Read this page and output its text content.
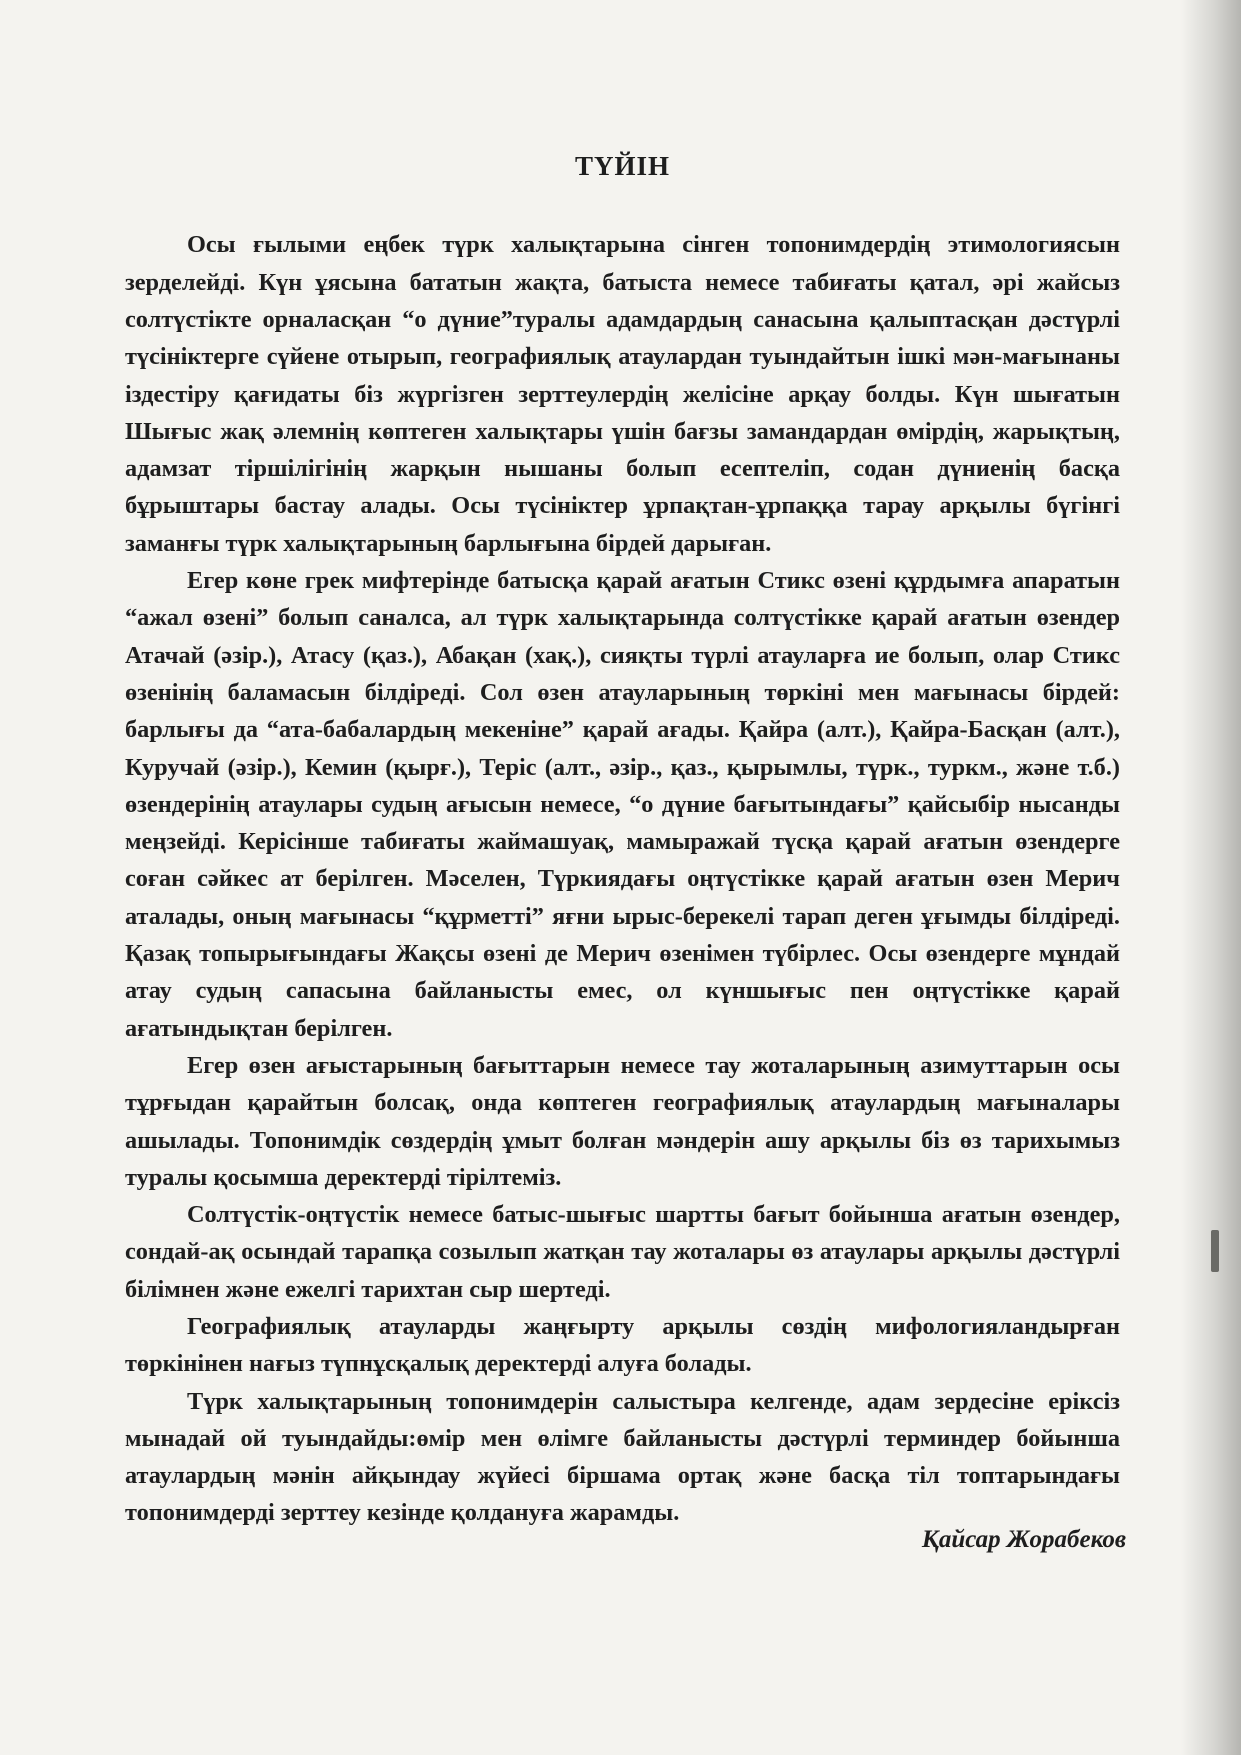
ТҮЙІН

Осы ғылыми еңбек түрк халықтарына сінген топонимдердің этимологиясын зерделейді. Күн ұясына бататын жақта, батыста немесе табиғаты қатал, әрі жайсыз солтүстікте орналасқан “о дүние”туралы адамдардың санасына қалыптасқан дәстүрлі түсініктерге сүйене отырып, географиялық атаулардан туындайтын ішкі мән-мағынаны іздестіру қағидаты біз жүргізген зерттеулердің желісіне арқау болды. Күн шығатын Шығыс жақ әлемнің көптеген халықтары үшін бағзы замандардан өмірдің, жарықтың, адамзат тіршілігінің жарқын нышаны болып есептеліп, содан дүниенің басқа бұрыштары бастау алады. Осы түсініктер ұрпақтан-ұрпаққа тарау арқылы бүгінгі заманғы түрк халықтарының барлығына бірдей дарыған.

Егер көне грек мифтерінде батысқа қарай ағатын Стикс өзені құрдымға апаратын “ажал өзені” болып саналса, ал түрк халықтарында солтүстікке қарай ағатын өзендер Атачай (әзір.), Атасу (қаз.), Абақан (хақ.), сияқты түрлі атауларға ие болып, олар Стикс өзенінің баламасын білдіреді. Сол өзен атауларының төркіні мен мағынасы бірдей: барлығы да “ата-бабалардың мекеніне” қарай ағады. Қайра (алт.), Қайра-Басқан (алт.), Куручай (әзір.), Кемин (қырғ.), Теріс (алт., әзір., қаз., қырымлы, түрк., туркм., және т.б.) өзендерінің атаулары судың ағысын немесе, “о дүние бағытындағы” қайсыбір нысанды меңзейді. Керісінше табиғаты жаймашуақ, мамыражай түсқа қарай ағатын өзендерге соған сәйкес ат берілген. Мәселен, Түркиядағы оңтүстікке қарай ағатын өзен Мерич аталады, оның мағынасы “құрметті” яғни ырыс-берекелі тарап деген ұғымды білдіреді. Қазақ топырығындағы Жақсы өзені де Мерич өзенімен түбірлес. Осы өзендерге мұндай атау судың сапасына байланысты емес, ол күншығыс пен оңтүстікке қарай ағатындықтан берілген.

Егер өзен ағыстарының бағыттарын немесе тау жоталарының азимуттарын осы тұрғыдан қарайтын болсақ, онда көптеген географиялық атаулардың мағыналары ашылады. Топонимдік сөздердің ұмыт болған мәндерін ашу арқылы біз өз тарихымыз туралы қосымша деректерді тірілтеміз.

Солтүстік-оңтүстік немесе батыс-шығыс шартты бағыт бойынша ағатын өзендер, сондай-ақ осындай тарапқа созылып жатқан тау жоталары өз атаулары арқылы дәстүрлі білімнен және ежелгі тарихтан сыр шертеді.

Географиялық атауларды жаңғырту арқылы сөздің мифологияландырған төркінінен нағыз түпнұсқалық деректерді алуға болады.

Түрк халықтарының топонимдерін салыстыра келгенде, адам зердесіне еріксіз мынадай ой туындайды:өмір мен өлімге байланысты дәстүрлі терминдер бойынша атаулардың мәнін айқындау жүйесі біршама ортақ және басқа тіл топтарындағы топонимдерді зерттеу кезінде қолдануға жарамды.

Қайсар Жорабеков
